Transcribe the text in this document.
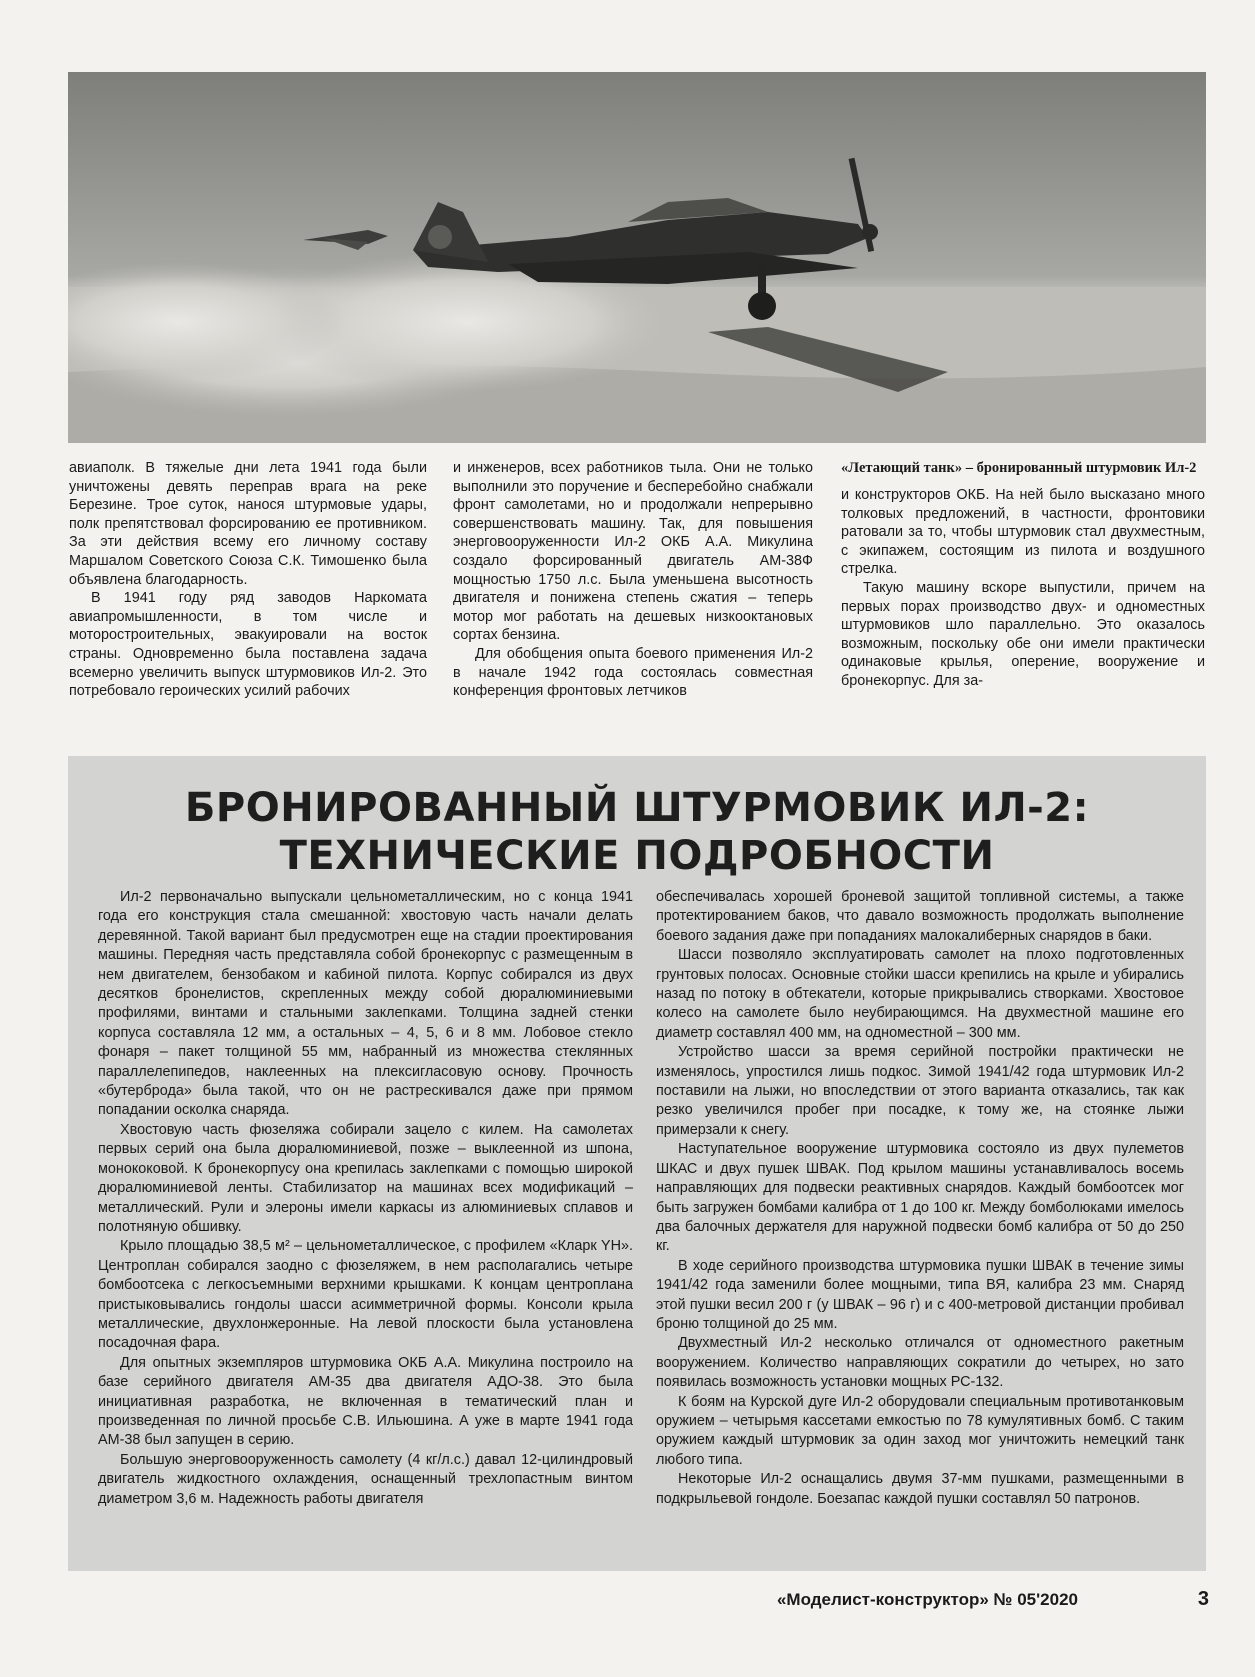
авиаполк. В тяжелые дни лета 1941 года были уничтожены девять переправ врага на реке Березине. Трое суток, нанося штурмовые удары, полк препятствовал форсированию ее противником. За эти действия всему его личному составу Маршалом Советского Союза С.К. Тимошенко была объявлена благодарность.

В 1941 году ряд заводов Наркомата авиапромышленности, в том числе и моторостроительных, эвакуировали на восток страны. Одновременно была поставлена задача всемерно увеличить выпуск штурмовиков Ил-2. Это потребовало героических усилий рабочих

и инженеров, всех работников тыла. Они не только выполнили это поручение и бесперебойно снабжали фронт самолетами, но и продолжали непрерывно совершенствовать машину. Так, для повышения энерговооруженности Ил-2 ОКБ А.А. Микулина создало форсированный двигатель АМ-38Ф мощностью 1750 л.с. Была уменьшена высотность двигателя и понижена степень сжатия – теперь мотор мог работать на дешевых низкооктановых сортах бензина.

Для обобщения опыта боевого применения Ил-2 в начале 1942 года состоялась совместная конференция фронтовых летчиков

«Летающий танк» – бронированный штурмовик Ил-2

и конструкторов ОКБ. На ней было высказано много толковых предложений, в частности, фронтовики ратовали за то, чтобы штурмовик стал двухместным, с экипажем, состоящим из пилота и воздушного стрелка.

Такую машину вскоре выпустили, причем на первых порах производство двух- и одноместных штурмовиков шло параллельно. Это оказалось возможным, поскольку обе они имели практически одинаковые крылья, оперение, вооружение и бронекорпус. Для за-

БРОНИРОВАННЫЙ ШТУРМОВИК ИЛ-2:
ТЕХНИЧЕСКИЕ ПОДРОБНОСТИ

Ил-2 первоначально выпускали цельнометаллическим, но с конца 1941 года его конструкция стала смешанной: хвостовую часть начали делать деревянной. Такой вариант был предусмотрен еще на стадии проектирования машины. Передняя часть представляла собой бронекорпус с размещенным в нем двигателем, бензобаком и кабиной пилота. Корпус собирался из двух десятков бронелистов, скрепленных между собой дюралюминиевыми профилями, винтами и стальными заклепками. Толщина задней стенки корпуса составляла 12 мм, а остальных – 4, 5, 6 и 8 мм. Лобовое стекло фонаря – пакет толщиной 55 мм, набранный из множества стеклянных параллелепипедов, наклеенных на плексигласовую основу. Прочность «бутерброда» была такой, что он не растрескивался даже при прямом попадании осколка снаряда.

Хвостовую часть фюзеляжа собирали зацело с килем. На самолетах первых серий она была дюралюминиевой, позже – выклеенной из шпона, монококовой. К бронекорпусу она крепилась заклепками с помощью широкой дюралюминиевой ленты. Стабилизатор на машинах всех модификаций – металлический. Рули и элероны имели каркасы из алюминиевых сплавов и полотняную обшивку.

Крыло площадью 38,5 м² – цельнометаллическое, с профилем «Кларк YH». Центроплан собирался заодно с фюзеляжем, в нем располагались четыре бомбоотсека с легкосъемными верхними крышками. К концам центроплана пристыковывались гондолы шасси асимметричной формы. Консоли крыла металлические, двухлонжеронные. На левой плоскости была установлена посадочная фара.

Для опытных экземпляров штурмовика ОКБ А.А. Микулина построило на базе серийного двигателя АМ-35 два двигателя АДО-38. Это была инициативная разработка, не включенная в тематический план и произведенная по личной просьбе С.В. Ильюшина. А уже в марте 1941 года АМ-38 был запущен в серию.

Большую энерговооруженность самолету (4 кг/л.с.) давал 12-цилиндровый двигатель жидкостного охлаждения, оснащенный трехлопастным винтом диаметром 3,6 м. Надежность работы двигателя

обеспечивалась хорошей броневой защитой топливной системы, а также протектированием баков, что давало возможность продолжать выполнение боевого задания даже при попаданиях малокалиберных снарядов в баки.

Шасси позволяло эксплуатировать самолет на плохо подготовленных грунтовых полосах. Основные стойки шасси крепились на крыле и убирались назад по потоку в обтекатели, которые прикрывались створками. Хвостовое колесо на самолете было неубирающимся. На двухместной машине его диаметр составлял 400 мм, на одноместной – 300 мм.

Устройство шасси за время серийной постройки практически не изменялось, упростился лишь подкос. Зимой 1941/42 года штурмовик Ил-2 поставили на лыжи, но впоследствии от этого варианта отказались, так как резко увеличился пробег при посадке, к тому же, на стоянке лыжи примерзали к снегу.

Наступательное вооружение штурмовика состояло из двух пулеметов ШКАС и двух пушек ШВАК. Под крылом машины устанавливалось восемь направляющих для подвески реактивных снарядов. Каждый бомбоотсек мог быть загружен бомбами калибра от 1 до 100 кг. Между бомболюками имелось два балочных держателя для наружной подвески бомб калибра от 50 до 250 кг.

В ходе серийного производства штурмовика пушки ШВАК в течение зимы 1941/42 года заменили более мощными, типа ВЯ, калибра 23 мм. Снаряд этой пушки весил 200 г (у ШВАК – 96 г) и с 400-метровой дистанции пробивал броню толщиной до 25 мм.

Двухместный Ил-2 несколько отличался от одноместного ракетным вооружением. Количество направляющих сократили до четырех, но зато появилась возможность установки мощных РС-132.

К боям на Курской дуге Ил-2 оборудовали специальным противотанковым оружием – четырьмя кассетами емкостью по 78 кумулятивных бомб. С таким оружием каждый штурмовик за один заход мог уничтожить немецкий танк любого типа.

Некоторые Ил-2 оснащались двумя 37-мм пушками, размещенными в подкрыльевой гондоле. Боезапас каждой пушки составлял 50 патронов.

«Моделист-конструктор» № 05'2020	3
